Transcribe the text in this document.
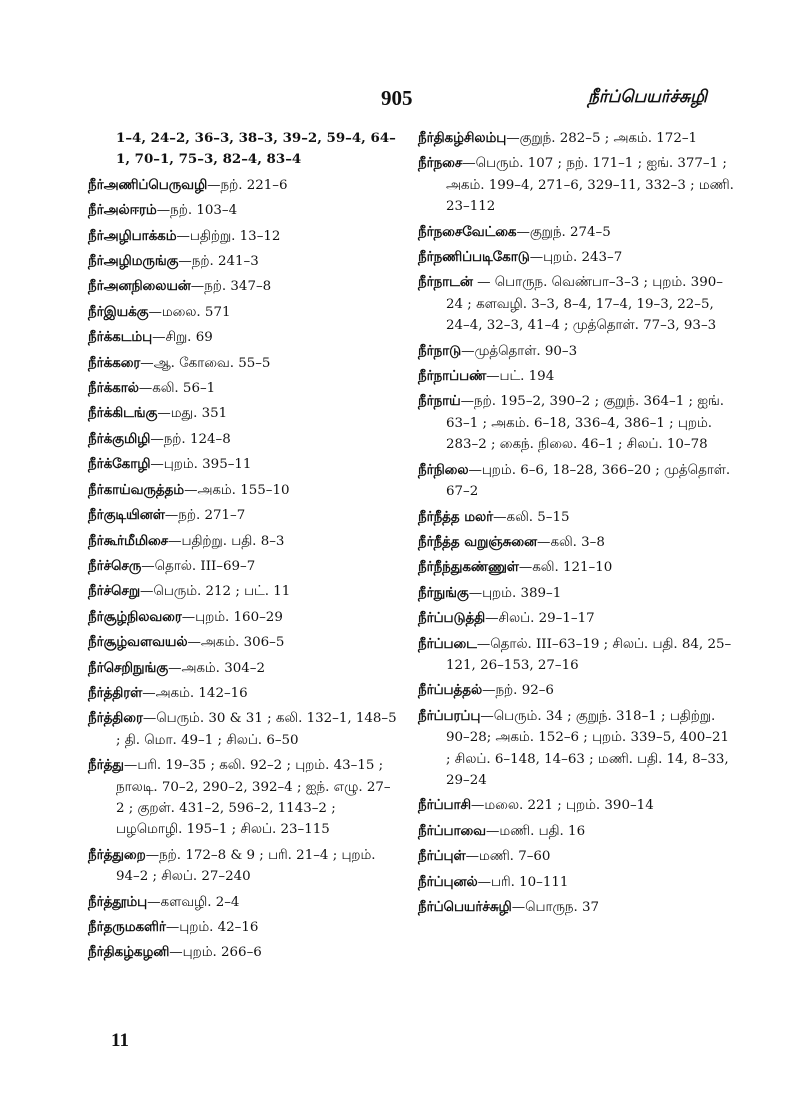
905	நீர்ப்பெயர்ச்சுழி
1–4, 24–2, 36–3, 38–3, 39–2, 59–4, 64–1, 70–1, 75–3, 82–4, 83–4
நீர்அணிப்பெருவழி—நற். 221–6
நீர்அல்ஈரம்—நற். 103–4
நீர்அழிபாக்கம்—பதிற்று. 13–12
நீர்அழிமருங்கு—நற். 241–3
நீர்அனநிலையன்—நற். 347–8
நீர்இயக்கு—மலை. 571
நீர்க்கடம்பு—சிறு. 69
நீர்க்கரை—ஆ. கோவை. 55–5
நீர்க்கால்—கலி. 56–1
நீர்க்கிடங்கு—மது. 351
நீர்க்குமிழி—நற். 124–8
நீர்க்கோழி—புறம். 395–11
நீர்காய்வருத்தம்—அகம். 155–10
நீர்குடியினள்—நற். 271–7
நீர்கூர்மீமிசை—பதிற்று. பதி. 8–3
நீர்ச்செரு—தொல். III–69–7
நீர்ச்செறு—பெரும். 212 ; பட். 11
நீர்சூழ்நிலவரை—புறம். 160–29
நீர்சூழ்வளவயல்—அகம். 306–5
நீர்செறிநுங்கு—அகம். 304–2
நீர்த்திரள்—அகம். 142–16
நீர்த்திரை—பெரும். 30 & 31 ; கலி. 132–1, 148–5 ; தி. மொ. 49–1 ; சிலப். 6–50
நீர்த்து—பரி. 19–35 ; கலி. 92–2 ; புறம். 43–15 ; நாலடி. 70–2, 290–2, 392–4 ; ஐந். எழு. 27–2 ; குறள். 431–2, 596–2, 1143–2 ; பழமொழி. 195–1 ; சிலப். 23–115
நீர்த்துறை—நற். 172–8 & 9 ; பரி. 21–4 ; புறம். 94–2 ; சிலப். 27–240
நீர்த்தூம்பு—களவழி. 2–4
நீர்தருமகளிர்—புறம். 42–16
நீர்திகழ்கழனி—புறம். 266–6
நீர்திகழ்சிலம்பு—குறுந். 282–5 ; அகம். 172–1
நீர்நசை—பெரும். 107 ; நற். 171–1 ; ஐங். 377–1 ; அகம். 199–4, 271–6, 329–11, 332–3 ; மணி. 23–112
நீர்நசைவேட்கை—குறுந். 274–5
நீர்நணிப்படிகோடு—புறம். 243–7
நீர்நாடன் — பொருந. வெண்பா–3–3 ; புறம். 390–24 ; களவழி. 3–3, 8–4, 17–4, 19–3, 22–5, 24–4, 32–3, 41–4 ; முத்தொள். 77–3, 93–3
நீர்நாடு—முத்தொள். 90–3
நீர்நாப்பண்—பட். 194
நீர்நாய்—நற். 195–2, 390–2 ; குறுந். 364–1 ; ஐங். 63–1 ; அகம். 6–18, 336–4, 386–1 ; புறம். 283–2 ; கைந். நிலை. 46–1 ; சிலப். 10–78
நீர்நிலை—புறம். 6–6, 18–28, 366–20 ; முத்தொள். 67–2
நீர்நீத்த மலர்—கலி. 5–15
நீர்நீத்த வறுஞ்சுனை—கலி. 3–8
நீர்நீந்துகண்ணுள்—கலி. 121–10
நீர்நுங்கு—புறம். 389–1
நீர்ப்படுத்தி—சிலப். 29–1–17
நீர்ப்படை—தொல். III–63–19 ; சிலப். பதி. 84, 25–121, 26–153, 27–16
நீர்ப்பத்தல்—நற். 92–6
நீர்ப்பரப்பு—பெரும். 34 ; குறுந். 318–1 ; பதிற்று. 90–28; அகம். 152–6 ; புறம். 339–5, 400–21 ; சிலப். 6–148, 14–63 ; மணி. பதி. 14, 8–33, 29–24
நீர்ப்பாசி—மலை. 221 ; புறம். 390–14
நீர்ப்பாவை—மணி. பதி. 16
நீர்ப்புள்—மணி. 7–60
நீர்ப்புனல்—பரி. 10–111
நீர்ப்பெயர்ச்சுழி—பொருந. 37
11
